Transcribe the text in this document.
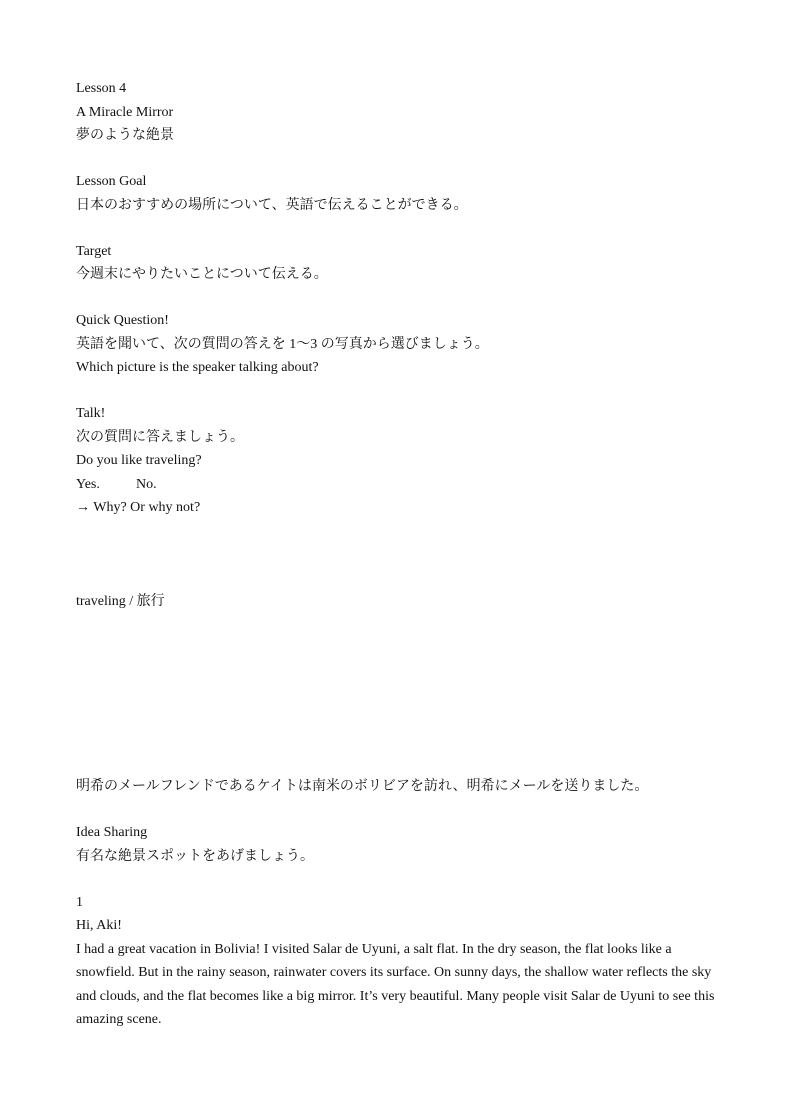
Lesson 4
A Miracle Mirror
夢のような絶景
Lesson Goal
日本のおすすめの場所について、英語で伝えることができる。
Target
今週末にやりたいことについて伝える。
Quick Question!
英語を聞いて、次の質問の答えを 1〜3 の写真から選びましょう。
Which picture is the speaker talking about?
Talk!
次の質問に答えましょう。
Do you like traveling?
Yes.	No.
→ Why? Or why not?
traveling / 旅行
明希のメールフレンドであるケイトは南米のボリビアを訪れ、明希にメールを送りました。
Idea Sharing
有名な絶景スポットをあげましょう。
1
Hi, Aki!

I had a great vacation in Bolivia! I visited Salar de Uyuni, a salt flat. In the dry season, the flat looks like a snowfield. But in the rainy season, rainwater covers its surface. On sunny days, the shallow water reflects the sky and clouds, and the flat becomes like a big mirror. It’s very beautiful. Many people visit Salar de Uyuni to see this amazing scene.
